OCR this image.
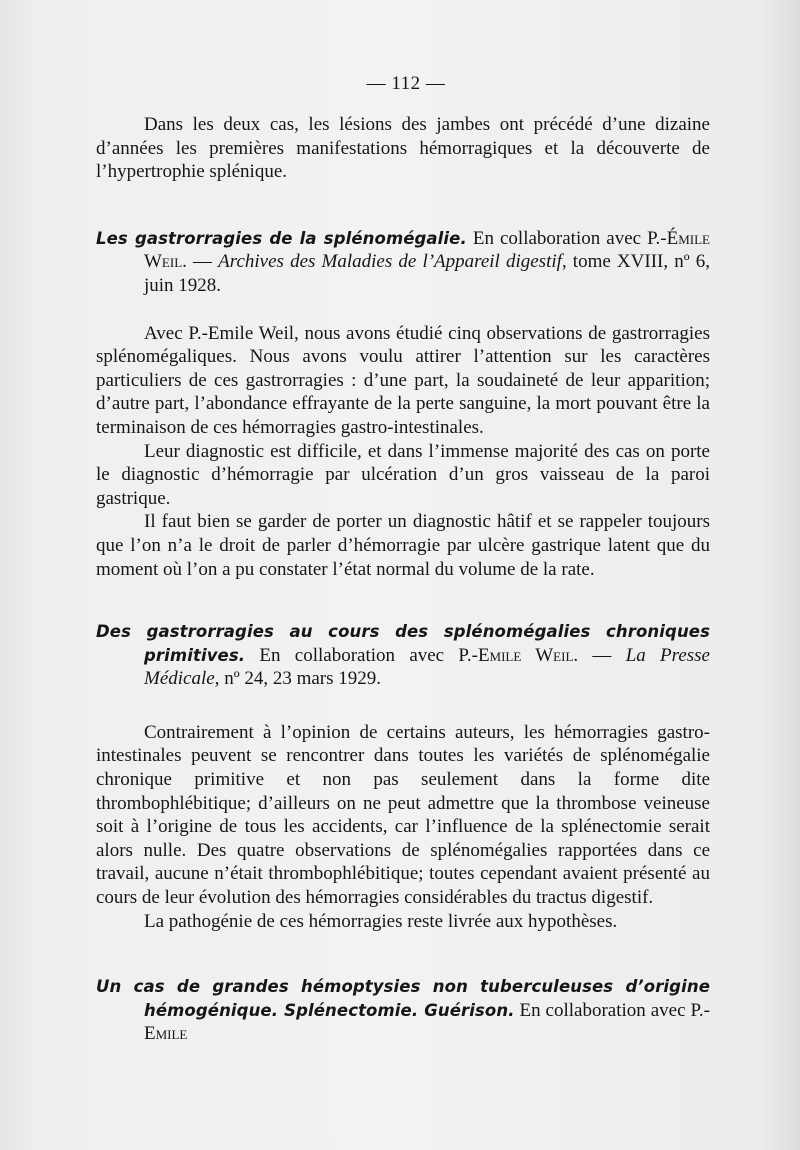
— 112 —

Dans les deux cas, les lésions des jambes ont précédé d’une dizaine d’années les premières manifestations hémorragiques et la découverte de l’hypertrophie splénique.

Les gastrorragies de la splénomégalie. En collaboration avec P.-Émile Weil. — Archives des Maladies de l’Appareil digestif, tome XVIII, nº 6, juin 1928.

Avec P.-Emile Weil, nous avons étudié cinq observations de gastrorragies splénomégaliques. Nous avons voulu attirer l’attention sur les caractères particuliers de ces gastrorragies : d’une part, la soudaineté de leur apparition; d’autre part, l’abondance effrayante de la perte sanguine, la mort pouvant être la terminaison de ces hémorragies gastro-intestinales.

Leur diagnostic est difficile, et dans l’immense majorité des cas on porte le diagnostic d’hémorragie par ulcération d’un gros vaisseau de la paroi gastrique.

Il faut bien se garder de porter un diagnostic hâtif et se rappeler toujours que l’on n’a le droit de parler d’hémorragie par ulcère gastrique latent que du moment où l’on a pu constater l’état normal du volume de la rate.

Des gastrorragies au cours des splénomégalies chroniques primitives. En collaboration avec P.-Emile Weil. — La Presse Médicale, nº 24, 23 mars 1929.

Contrairement à l’opinion de certains auteurs, les hémorragies gastro-intestinales peuvent se rencontrer dans toutes les variétés de splénomégalie chronique primitive et non pas seulement dans la forme dite thrombophlébitique; d’ailleurs on ne peut admettre que la thrombose veineuse soit à l’origine de tous les accidents, car l’influence de la splénectomie serait alors nulle. Des quatre observations de splénomégalies rapportées dans ce travail, aucune n’était thrombophlébitique; toutes cependant avaient présenté au cours de leur évolution des hémorragies considérables du tractus digestif.

La pathogénie de ces hémorragies reste livrée aux hypothèses.

Un cas de grandes hémoptysies non tuberculeuses d’origine hémogénique. Splénectomie. Guérison. En collaboration avec P.-Emile
